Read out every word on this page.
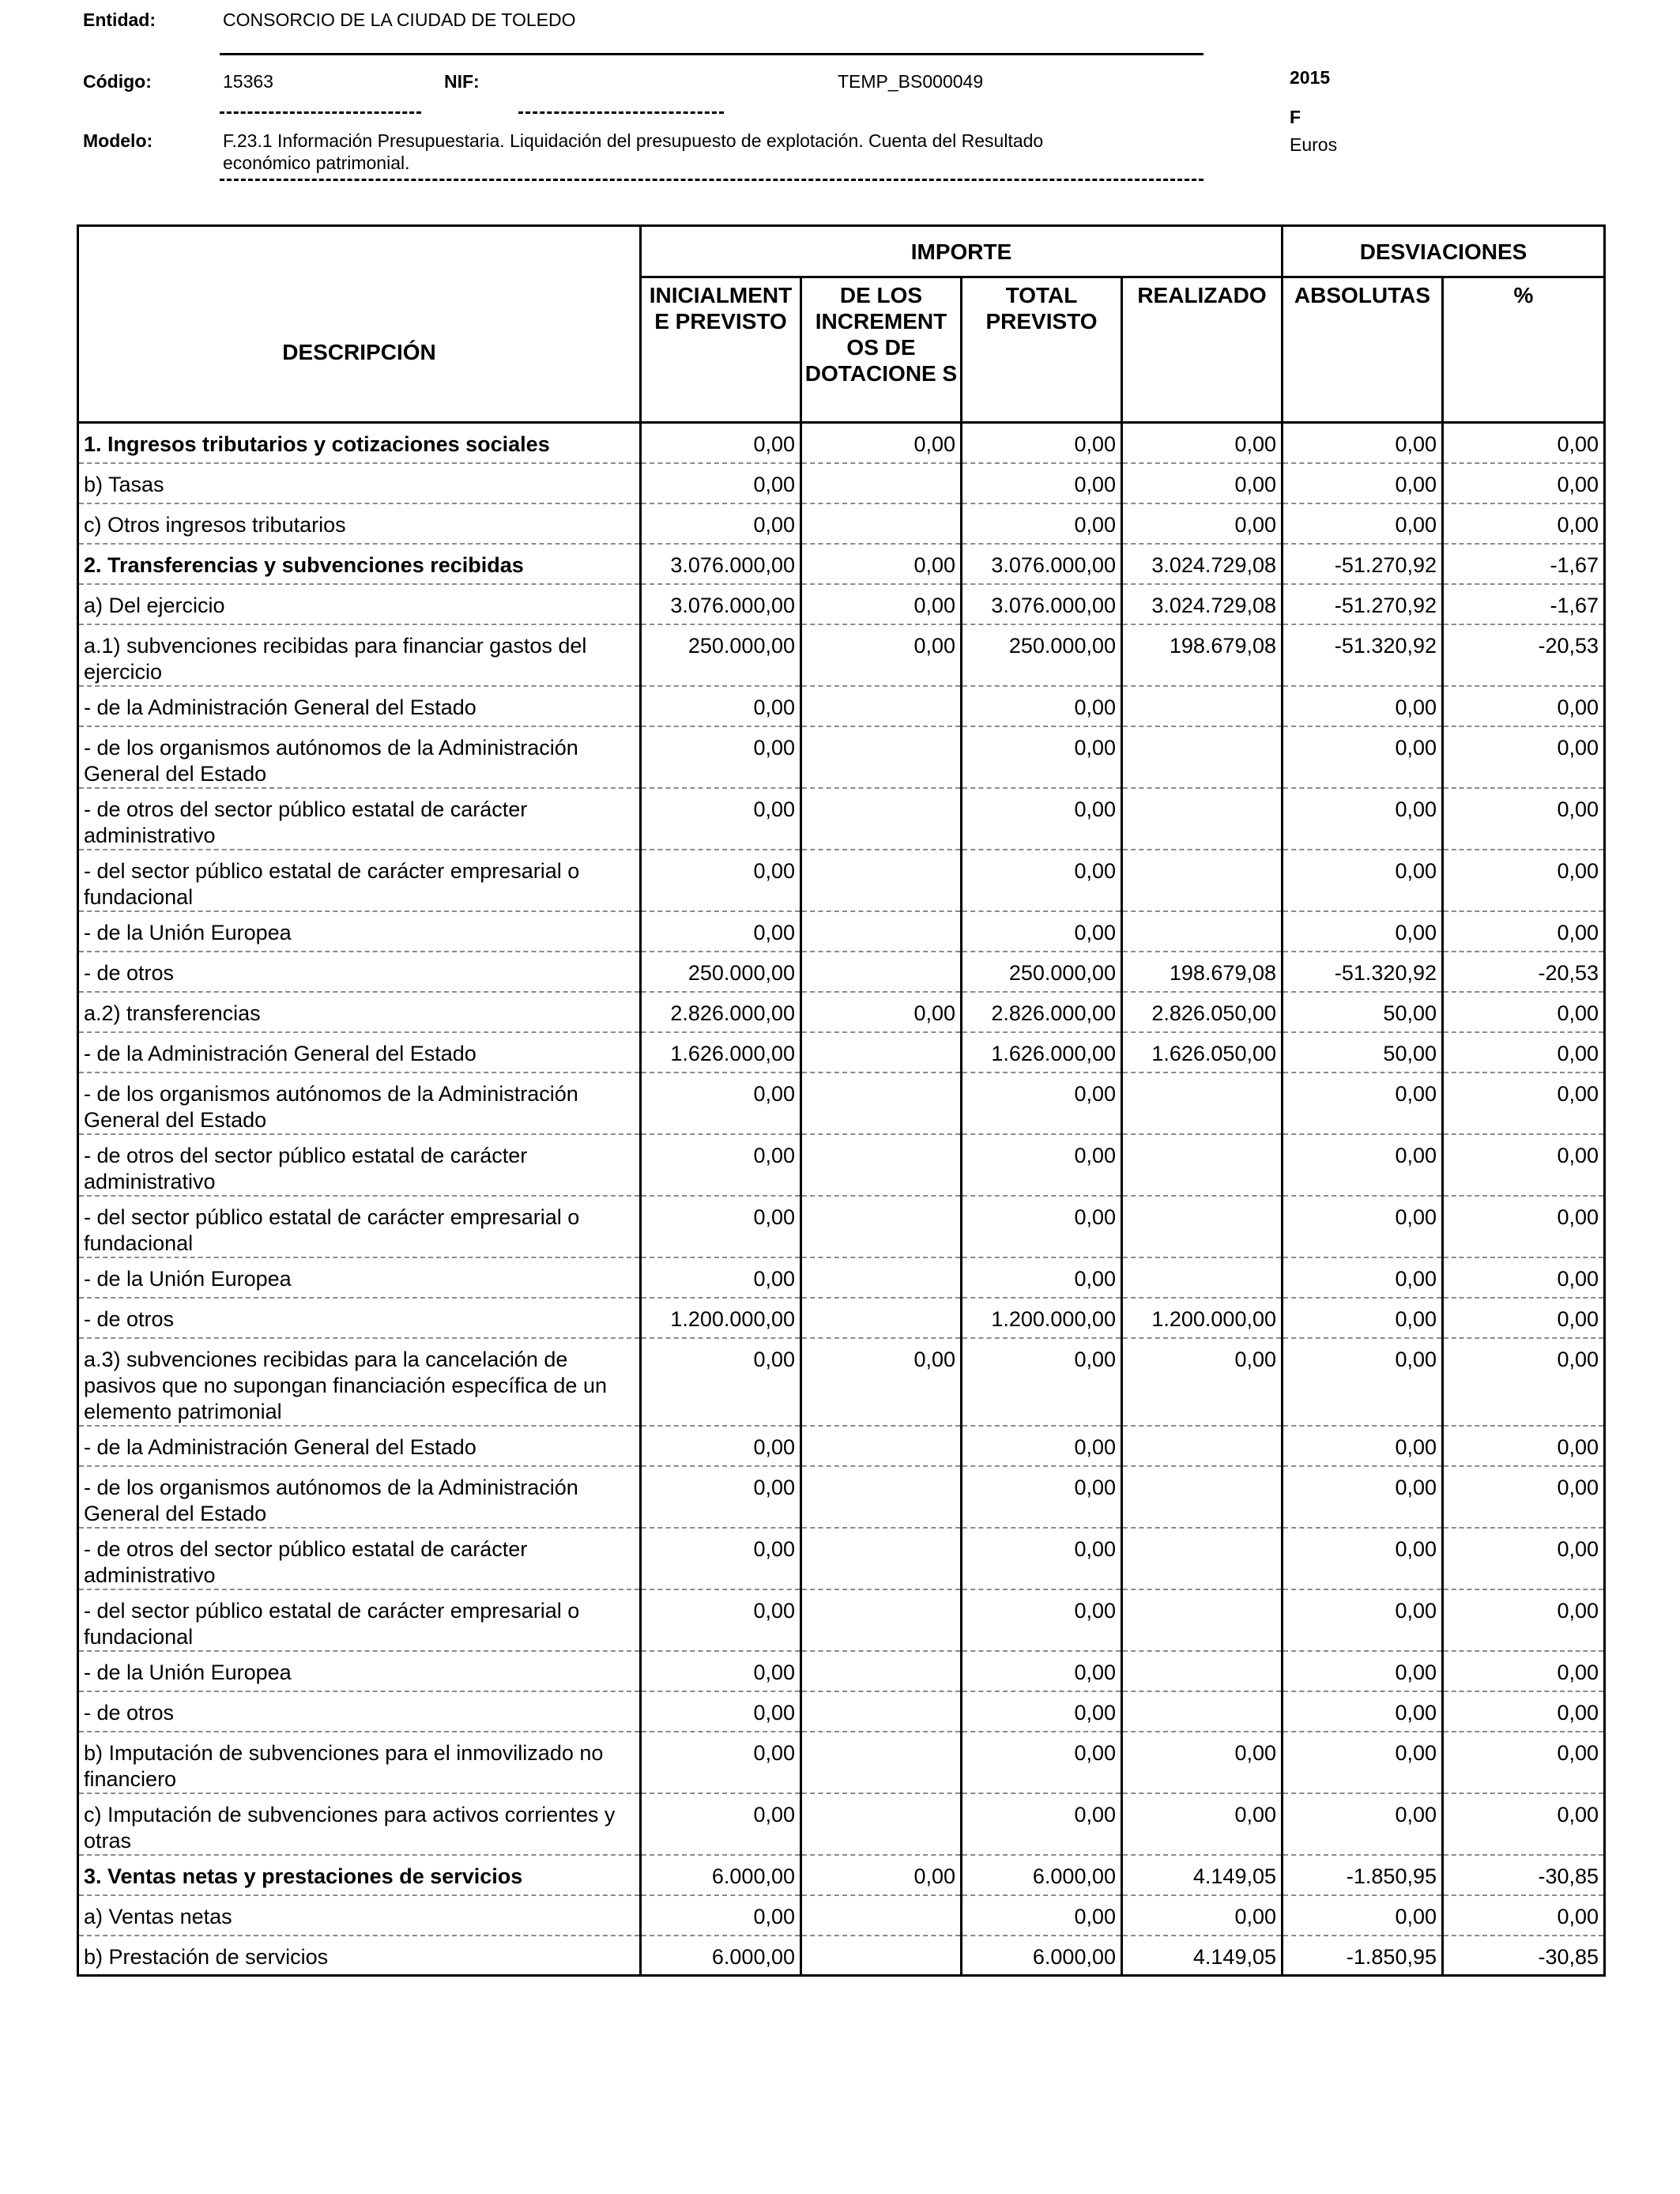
Entidad:	CONSORCIO DE LA CIUDAD DE TOLEDO
Código:	15363	NIF:	TEMP_BS000049	2015
F
Euros
Modelo:	F.23.1 Información Presupuestaria. Liquidación del presupuesto de explotación. Cuenta del Resultado
económico patrimonial.
DESCRIPCIÓN	IMPORTE				DESVIACIONES	
	INICIALMENT E PREVISTO	DE LOS INCREMENT OS DE DOTACIONE S	TOTAL PREVISTO	REALIZADO	ABSOLUTAS	%
1. Ingresos tributarios y cotizaciones sociales	0,00	0,00	0,00	0,00	0,00	0,00
b) Tasas	0,00		0,00	0,00	0,00	0,00
c) Otros ingresos tributarios	0,00		0,00	0,00	0,00	0,00
2. Transferencias y subvenciones recibidas	3.076.000,00	0,00	3.076.000,00	3.024.729,08	-51.270,92	-1,67
a) Del ejercicio	3.076.000,00	0,00	3.076.000,00	3.024.729,08	-51.270,92	-1,67
a.1) subvenciones recibidas para financiar gastos del ejercicio	250.000,00	0,00	250.000,00	198.679,08	-51.320,92	-20,53
- de la Administración General del Estado	0,00		0,00		0,00	0,00
- de los organismos autónomos de la Administración General del Estado	0,00		0,00		0,00	0,00
- de otros del sector público estatal de carácter administrativo	0,00		0,00		0,00	0,00
- del sector público estatal de carácter empresarial o fundacional	0,00		0,00		0,00	0,00
- de la Unión Europea	0,00		0,00		0,00	0,00
- de otros	250.000,00		250.000,00	198.679,08	-51.320,92	-20,53
a.2) transferencias	2.826.000,00	0,00	2.826.000,00	2.826.050,00	50,00	0,00
- de la Administración General del Estado	1.626.000,00		1.626.000,00	1.626.050,00	50,00	0,00
- de los organismos autónomos de la Administración General del Estado	0,00		0,00		0,00	0,00
- de otros del sector público estatal de carácter administrativo	0,00		0,00		0,00	0,00
- del sector público estatal de carácter empresarial o fundacional	0,00		0,00		0,00	0,00
- de la Unión Europea	0,00		0,00		0,00	0,00
- de otros	1.200.000,00		1.200.000,00	1.200.000,00	0,00	0,00
a.3) subvenciones recibidas para la cancelación de pasivos que no supongan financiación específica de un elemento patrimonial	0,00	0,00	0,00	0,00	0,00	0,00
- de la Administración General del Estado	0,00		0,00		0,00	0,00
- de los organismos autónomos de la Administración General del Estado	0,00		0,00		0,00	0,00
- de otros del sector público estatal de carácter administrativo	0,00		0,00		0,00	0,00
- del sector público estatal de carácter empresarial o fundacional	0,00		0,00		0,00	0,00
- de la Unión Europea	0,00		0,00		0,00	0,00
- de otros	0,00		0,00		0,00	0,00
b) Imputación de subvenciones para el inmovilizado no financiero	0,00		0,00	0,00	0,00	0,00
c) Imputación de subvenciones para activos corrientes y otras	0,00		0,00	0,00	0,00	0,00
3. Ventas netas y prestaciones de servicios	6.000,00	0,00	6.000,00	4.149,05	-1.850,95	-30,85
a) Ventas netas	0,00		0,00	0,00	0,00	0,00
b) Prestación de servicios	6.000,00		6.000,00	4.149,05	-1.850,95	-30,85
